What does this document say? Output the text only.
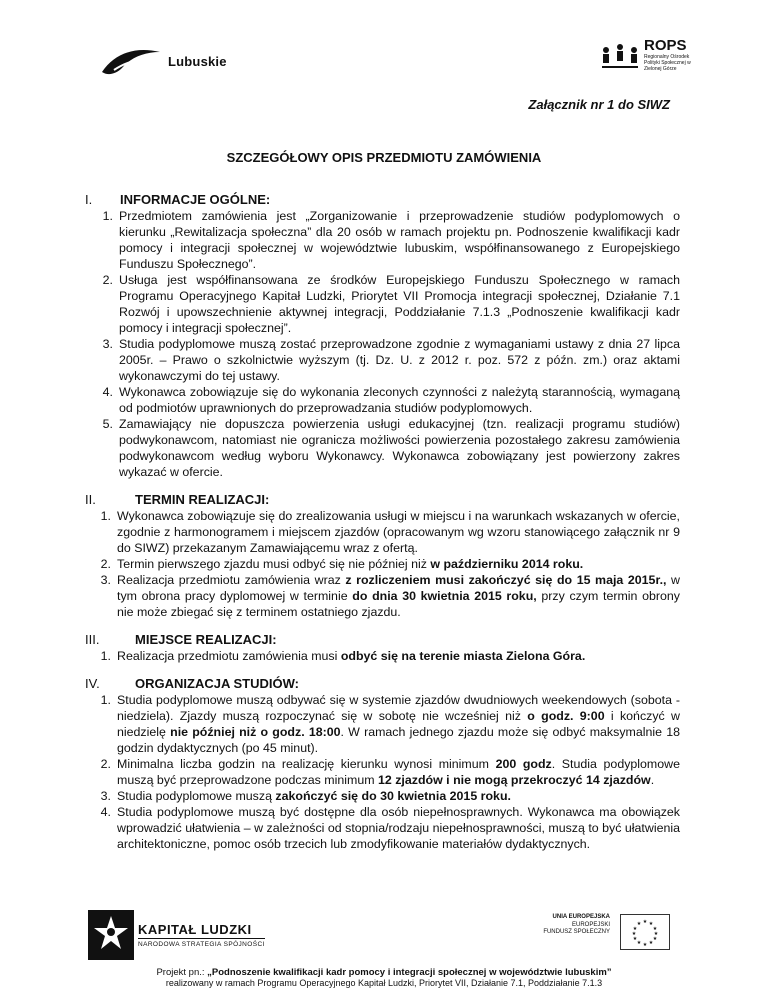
Lubuskie
ROPS
Regionalny Ośrodek Polityki Społecznej w Zielonej Górze
Załącznik nr 1 do SIWZ
SZCZEGÓŁOWY OPIS PRZEDMIOTU ZAMÓWIENIA
I.	INFORMACJE OGÓLNE:
1. Przedmiotem zamówienia jest „Zorganizowanie i przeprowadzenie studiów podyplomowych o kierunku „Rewitalizacja społeczna” dla 20 osób w ramach projektu pn. Podnoszenie kwalifikacji kadr pomocy i integracji społecznej w województwie lubuskim, współfinansowanego z Europejskiego Funduszu Społecznego”.
2. Usługa jest współfinansowana ze środków Europejskiego Funduszu Społecznego w ramach Programu Operacyjnego Kapitał Ludzki, Priorytet VII Promocja integracji społecznej, Działanie 7.1 Rozwój i upowszechnienie aktywnej integracji, Poddziałanie 7.1.3 „Podnoszenie kwalifikacji kadr pomocy i integracji społecznej”.
3. Studia podyplomowe muszą zostać przeprowadzone zgodnie z wymaganiami ustawy z dnia 27 lipca 2005r. – Prawo o szkolnictwie wyższym (tj. Dz. U. z 2012 r. poz. 572 z późn. zm.) oraz aktami wykonawczymi do tej ustawy.
4. Wykonawca zobowiązuje się do wykonania zleconych czynności z należytą starannością, wymaganą od podmiotów uprawnionych do przeprowadzania studiów podyplomowych.
5. Zamawiający nie dopuszcza powierzenia usługi edukacyjnej (tzn. realizacji programu studiów) podwykonawcom, natomiast nie ogranicza możliwości powierzenia pozostałego zakresu zamówienia podwykonawcom według wyboru Wykonawcy. Wykonawca zobowiązany jest powierzony zakres wykazać w ofercie.
II.	TERMIN REALIZACJI:
1. Wykonawca zobowiązuje się do zrealizowania usługi w miejscu i na warunkach wskazanych w ofercie, zgodnie z harmonogramem i miejscem zjazdów (opracowanym wg wzoru stanowiącego załącznik nr 9 do SIWZ) przekazanym Zamawiającemu wraz z ofertą.
2. Termin pierwszego zjazdu musi odbyć się nie później niż w październiku 2014 roku.
3. Realizacja przedmiotu zamówienia wraz z rozliczeniem musi zakończyć się do 15 maja 2015r., w tym obrona pracy dyplomowej w terminie do dnia 30 kwietnia 2015 roku, przy czym termin obrony nie może zbiegać się z terminem ostatniego zjazdu.
III.	MIEJSCE REALIZACJI:
1. Realizacja przedmiotu zamówienia musi odbyć się na terenie miasta Zielona Góra.
IV.	ORGANIZACJA STUDIÓW:
1. Studia podyplomowe muszą odbywać się w systemie zjazdów dwudniowych weekendowych (sobota - niedziela). Zjazdy muszą rozpoczynać się w sobotę nie wcześniej niż o godz. 9:00 i kończyć w niedzielę nie później niż o godz. 18:00. W ramach jednego zjazdu może się odbyć maksymalnie 18 godzin dydaktycznych (po 45 minut).
2. Minimalna liczba godzin na realizację kierunku wynosi minimum 200 godz. Studia podyplomowe muszą być przeprowadzone podczas minimum 12 zjazdów i nie mogą przekroczyć 14 zjazdów.
3. Studia podyplomowe muszą zakończyć się do 30 kwietnia 2015 roku.
4. Studia podyplomowe muszą być dostępne dla osób niepełnosprawnych. Wykonawca ma obowiązek wprowadzić ułatwienia – w zależności od stopnia/rodzaju niepełnosprawności, muszą to być ułatwienia architektoniczne, pomoc osób trzecich lub zmodyfikowanie materiałów dydaktycznych.
KAPITAŁ LUDZKI
NARODOWA STRATEGIA SPÓJNOŚCI
UNIA EUROPEJSKA
EUROPEJSKI
FUNDUSZ SPOŁECZNY
★ ★
★
★
★
★
★
★
★
★
★
★
Projekt pn.: „Podnoszenie kwalifikacji kadr pomocy i integracji społecznej w województwie lubuskim”
realizowany w ramach Programu Operacyjnego Kapitał Ludzki, Priorytet VII, Działanie 7.1, Poddziałanie 7.1.3
